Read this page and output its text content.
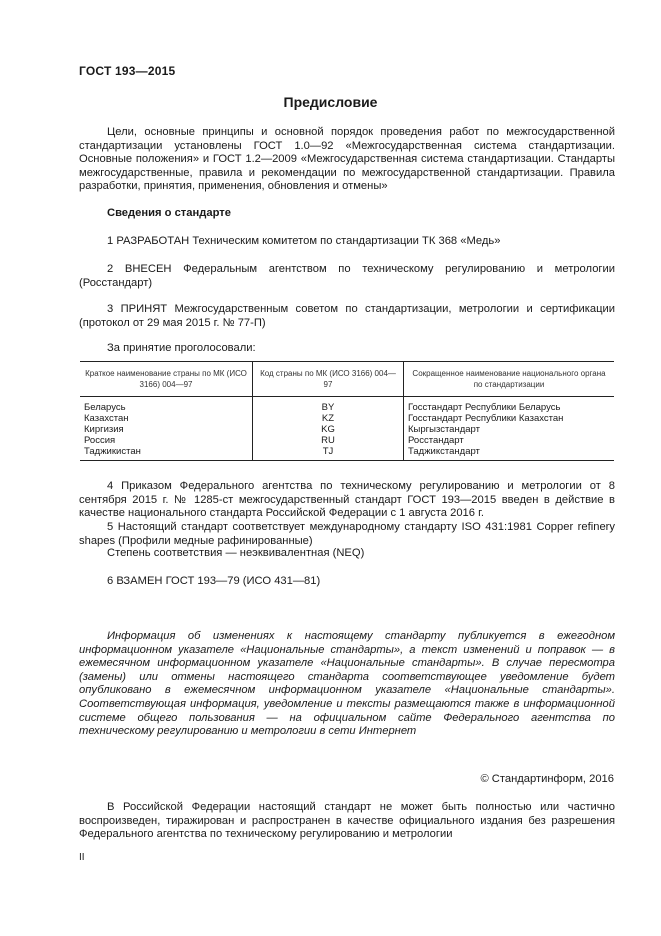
ГОСТ 193—2015
Предисловие
Цели, основные принципы и основной порядок проведения работ по межгосударственной стандартизации установлены ГОСТ 1.0—92 «Межгосударственная система стандартизации. Основные положения» и ГОСТ 1.2—2009 «Межгосударственная система стандартизации. Стандарты межгосударственные, правила и рекомендации по межгосударственной стандартизации. Правила разработки, принятия, применения, обновления и отмены»
Сведения о стандарте
1 РАЗРАБОТАН Техническим комитетом по стандартизации ТК 368 «Медь»
2 ВНЕСЕН Федеральным агентством по техническому регулированию и метрологии (Росстандарт)
3 ПРИНЯТ Межгосударственным советом по стандартизации, метрологии и сертификации (протокол от 29 мая 2015 г. № 77-П)
За принятие проголосовали:
Краткое наименование страны по МК (ИСО 3166) 004—97	Код страны по МК (ИСО 3166) 004—97	Сокращенное наименование национального органа по стандартизации
Беларусь	BY	Госстандарт Республики Беларусь
Казахстан	KZ	Госстандарт Республики Казахстан
Киргизия	KG	Кыргызстандарт
Россия	RU	Росстандарт
Таджикистан	TJ	Таджикстандарт
4 Приказом Федерального агентства по техническому регулированию и метрологии от 8 сентября 2015 г. № 1285-ст межгосударственный стандарт ГОСТ 193—2015 введен в действие в качестве национального стандарта Российской Федерации с 1 августа 2016 г.
5 Настоящий стандарт соответствует международному стандарту ISO 431:1981 Copper refinery shapes (Профили медные рафинированные)
Степень соответствия — неэквивалентная (NEQ)
6 ВЗАМЕН ГОСТ 193—79 (ИСО 431—81)
Информация об изменениях к настоящему стандарту публикуется в ежегодном информационном указателе «Национальные стандарты», а текст изменений и поправок — в ежемесячном информационном указателе «Национальные стандарты». В случае пересмотра (замены) или отмены настоящего стандарта соответствующее уведомление будет опубликовано в ежемесячном информационном указателе «Национальные стандарты». Соответствующая информация, уведомление и тексты размещаются также в информационной системе общего пользования — на официальном сайте Федерального агентства по техническому регулированию и метрологии в сети Интернет
© Стандартинформ, 2016
В Российской Федерации настоящий стандарт не может быть полностью или частично воспроизведен, тиражирован и распространен в качестве официального издания без разрешения Федерального агентства по техническому регулированию и метрологии
II
